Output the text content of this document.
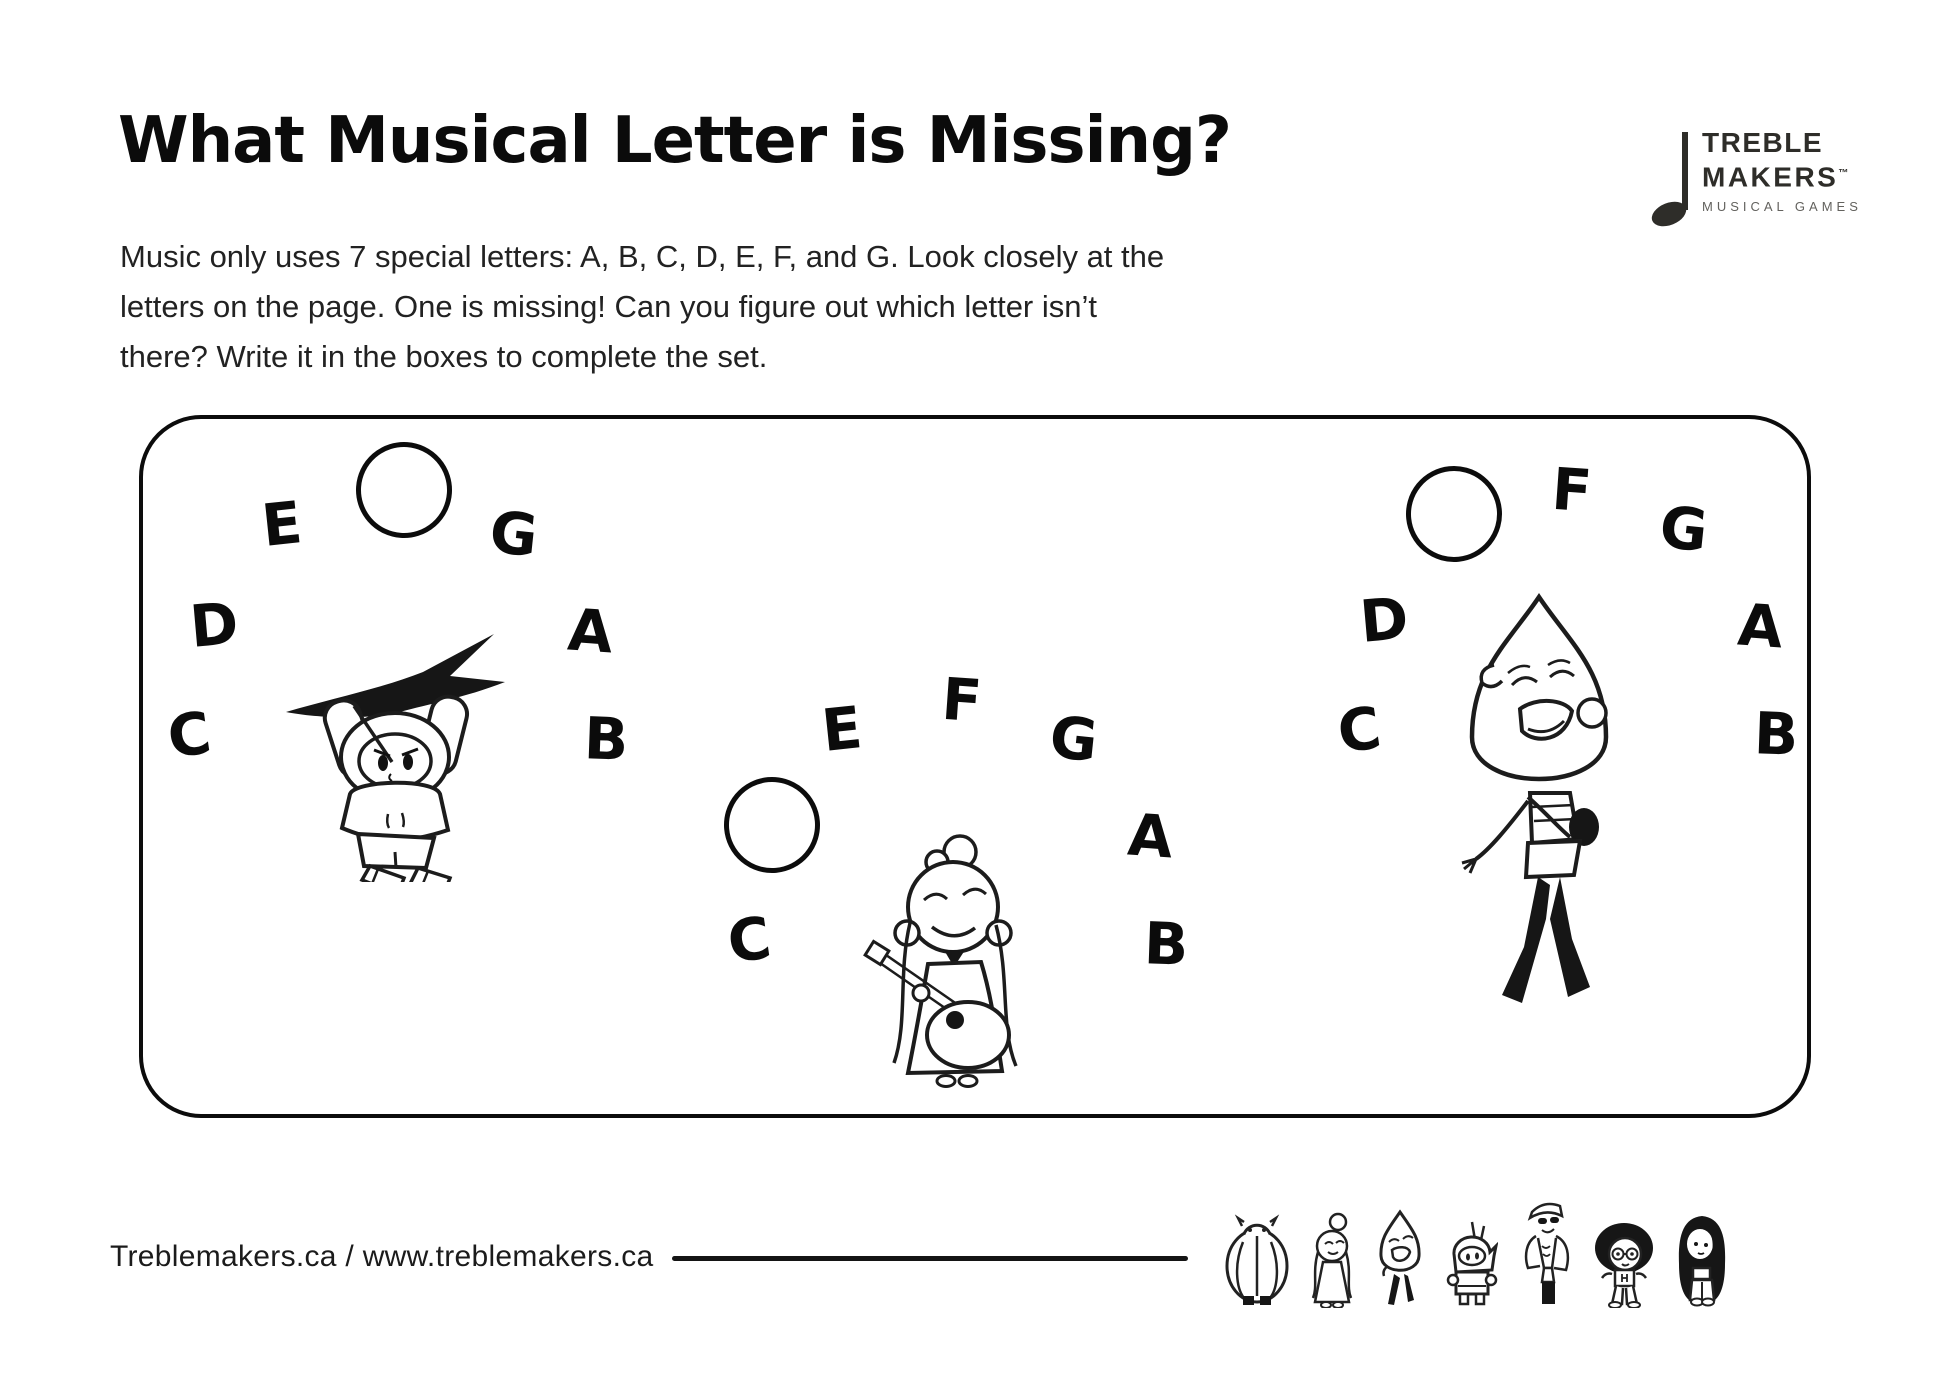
What Musical Letter is Missing?	TREBLE
MAKERS™
MUSICAL GAMES
Music only uses 7 special letters: A, B, C, D, E, F, and G. Look closely at the
letters on the page. One is missing! Can you figure out which letter isn’t
there? Write it in the boxes to complete the set.
C
D
E	G
A
B
C
E F
G
A
B
C
D
F
G
A
B
Treblemakers.ca / www.treblemakers.ca
